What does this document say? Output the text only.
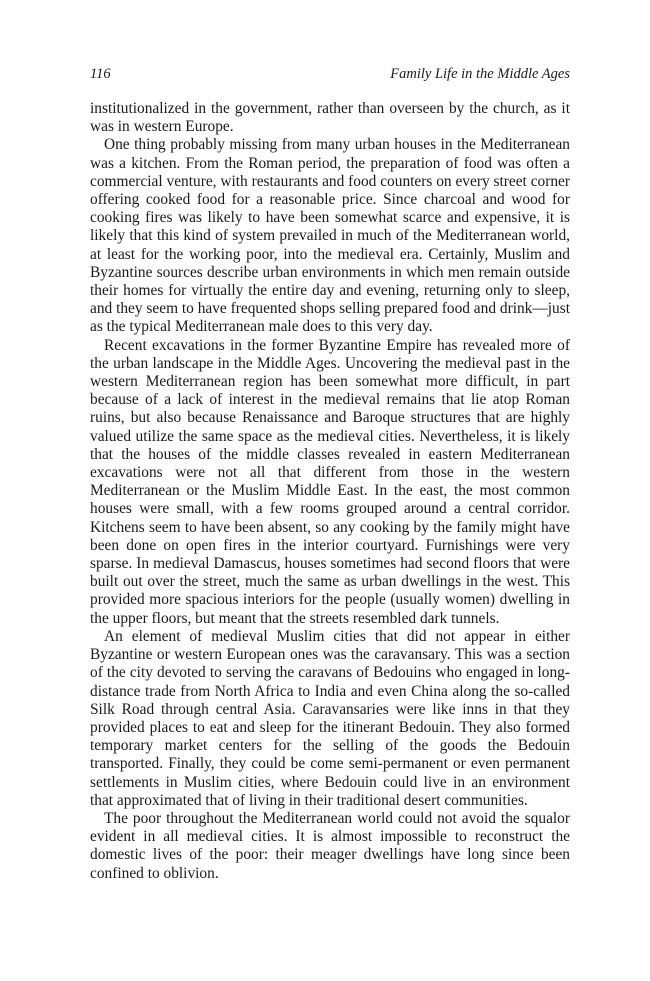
116	Family Life in the Middle Ages

institutionalized in the government, rather than overseen by the church, as it was in western Europe.

One thing probably missing from many urban houses in the Mediterranean was a kitchen. From the Roman period, the preparation of food was often a commercial venture, with restaurants and food counters on every street corner offering cooked food for a reasonable price. Since charcoal and wood for cooking fires was likely to have been somewhat scarce and expensive, it is likely that this kind of system prevailed in much of the Mediterranean world, at least for the working poor, into the medieval era. Certainly, Muslim and Byzantine sources describe urban environments in which men remain outside their homes for virtually the entire day and evening, returning only to sleep, and they seem to have frequented shops selling prepared food and drink—just as the typical Mediterranean male does to this very day.

Recent excavations in the former Byzantine Empire has revealed more of the urban landscape in the Middle Ages. Uncovering the medieval past in the western Mediterranean region has been somewhat more difficult, in part because of a lack of interest in the medieval remains that lie atop Roman ruins, but also because Renaissance and Baroque structures that are highly valued utilize the same space as the medieval cities. Nevertheless, it is likely that the houses of the middle classes revealed in eastern Mediterranean excavations were not all that different from those in the western Mediterranean or the Muslim Middle East. In the east, the most common houses were small, with a few rooms grouped around a central corridor. Kitchens seem to have been absent, so any cooking by the family might have been done on open fires in the interior courtyard. Furnishings were very sparse. In medieval Damascus, houses sometimes had second floors that were built out over the street, much the same as urban dwellings in the west. This provided more spacious interiors for the people (usually women) dwelling in the upper floors, but meant that the streets resembled dark tunnels.

An element of medieval Muslim cities that did not appear in either Byzantine or western European ones was the caravansary. This was a section of the city devoted to serving the caravans of Bedouins who engaged in long-distance trade from North Africa to India and even China along the so-called Silk Road through central Asia. Caravansaries were like inns in that they provided places to eat and sleep for the itinerant Bedouin. They also formed temporary market centers for the selling of the goods the Bedouin transported. Finally, they could be come semi-permanent or even permanent settlements in Muslim cities, where Bedouin could live in an environment that approximated that of living in their traditional desert communities.

The poor throughout the Mediterranean world could not avoid the squalor evident in all medieval cities. It is almost impossible to reconstruct the domestic lives of the poor: their meager dwellings have long since been confined to oblivion.
